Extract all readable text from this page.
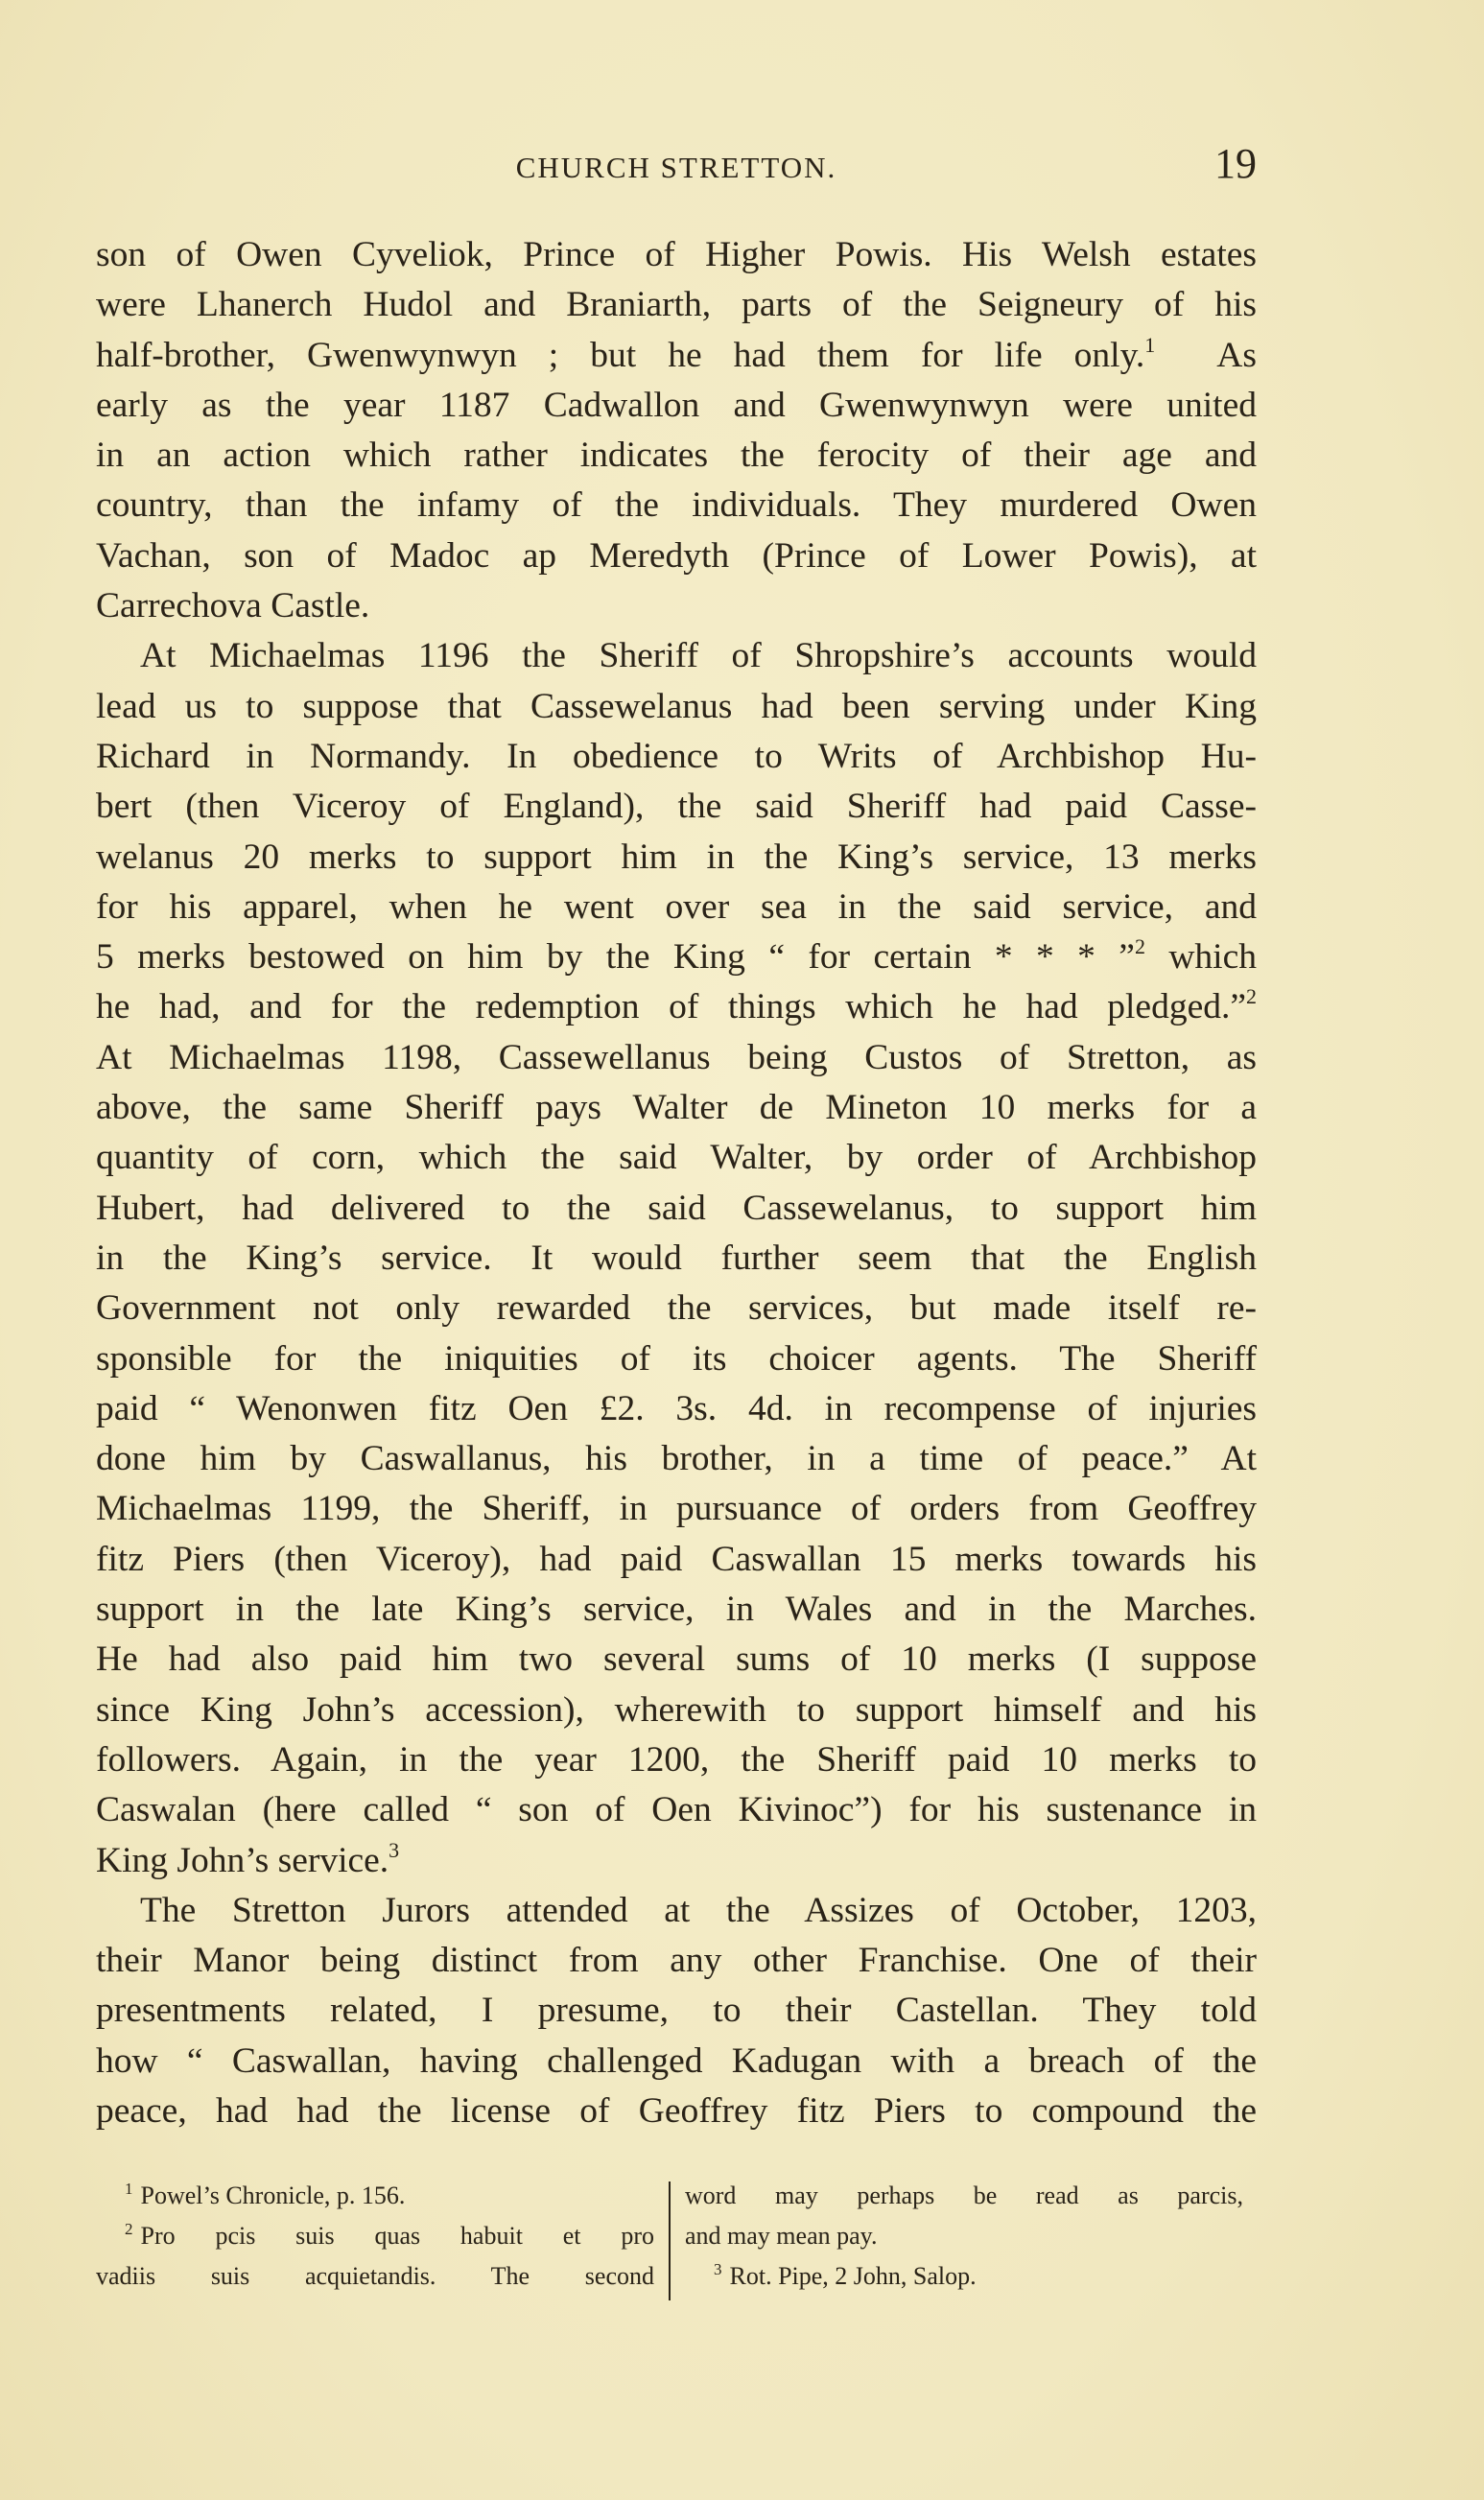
CHURCH STRETTON.	19
son of Owen Cyveliok, Prince of Higher Powis. His Welsh estates
were Lhanerch Hudol and Braniarth, parts of the Seigneury of his
half-brother, Gwenwynwyn ; but he had them for life only.$^1$  As
early as the year 1187 Cadwallon and Gwenwynwyn were united
in an action which rather indicates the ferocity of their age and
country, than the infamy of the individuals. They murdered Owen
Vachan, son of Madoc ap Meredyth (Prince of Lower Powis), at
Carrechova Castle.
At Michaelmas 1196 the Sheriff of Shropshire’s accounts would
lead us to suppose that Cassewelanus had been serving under King
Richard in Normandy. In obedience to Writs of Archbishop Hu-
bert (then Viceroy of England), the said Sheriff had paid Casse-
welanus 20 merks to support him in the King’s service, 13 merks
for his apparel, when he went over sea in the said service, and
5 merks bestowed on him by the King “ for certain * * * ”$^2$ which
he had, and for the redemption of things which he had pledged.”$^2$
At Michaelmas 1198, Cassewellanus being Custos of Stretton, as
above, the same Sheriff pays Walter de Mineton 10 merks for a
quantity of corn, which the said Walter, by order of Archbishop
Hubert, had delivered to the said Cassewelanus, to support him
in the King’s service. It would further seem that the English
Government not only rewarded the services, but made itself re-
sponsible for the iniquities of its choicer agents. The Sheriff
paid “ Wenonwen fitz Oen £2. 3s. 4d. in recompense of injuries
done him by Caswallanus, his brother, in a time of peace.” At
Michaelmas 1199, the Sheriff, in pursuance of orders from Geoffrey
fitz Piers (then Viceroy), had paid Caswallan 15 merks towards his
support in the late King’s service, in Wales and in the Marches.
He had also paid him two several sums of 10 merks (I suppose
since King John’s accession), wherewith to support himself and his
followers. Again, in the year 1200, the Sheriff paid 10 merks to
Caswalan (here called “ son of Oen Kivinoc”) for his sustenance in
King John’s service.$^3$
The Stretton Jurors attended at the Assizes of October, 1203,
their Manor being distinct from any other Franchise. One of their
presentments related, I presume, to their Castellan. They told
how “ Caswallan, having challenged Kadugan with a breach of the
peace, had had the license of Geoffrey fitz Piers to compound the
$^1$ Powel’s Chronicle, p. 156.
$^2$ Pro pcis suis quas habuit et pro
vadiis suis acquietandis. The second
word may perhaps be read as parcis,
and may mean pay.
$^3$ Rot. Pipe, 2 John, Salop.
